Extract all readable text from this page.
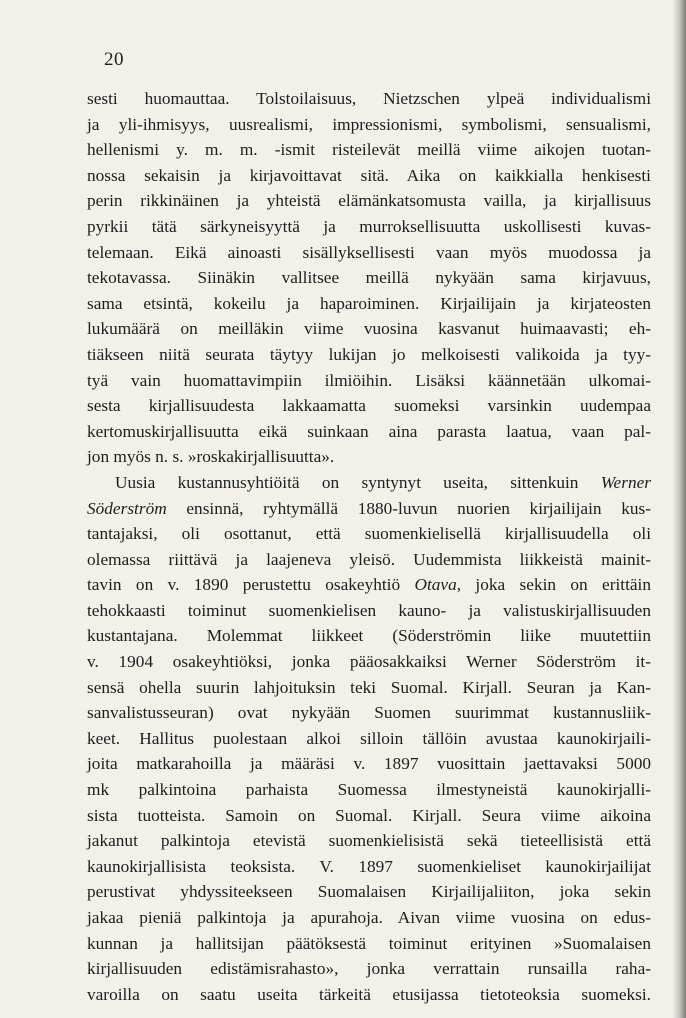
20
sesti huomauttaa. Tolstoilaisuus, Nietzschen ylpeä individualismi
ja yli-ihmisyys, uusrealismi, impressionismi, symbolismi, sensualismi,
hellenismi y. m. m. -ismit risteilevät meillä viime aikojen tuotan-
nossa sekaisin ja kirjavoittavat sitä. Aika on kaikkialla henkisesti
perin rikkinäinen ja yhteistä elämänkatsomusta vailla, ja kirjallisuus
pyrkii tätä särkyneisyyttä ja murroksellisuutta uskollisesti kuvas-
telemaan. Eikä ainoasti sisällyksellisesti vaan myös muodossa ja
tekotavassa. Siinäkin vallitsee meillä nykyään sama kirjavuus,
sama etsintä, kokeilu ja haparoiminen. Kirjailijain ja kirjateosten
lukumäärä on meilläkin viime vuosina kasvanut huimaavasti; eh-
tiäkseen niitä seurata täytyy lukijan jo melkoisesti valikoida ja tyy-
tyä vain huomattavimpiin ilmiöihin. Lisäksi käännetään ulkomai-
sesta kirjallisuudesta lakkaamatta suomeksi varsinkin uudempaa
kertomuskirjallisuutta eikä suinkaan aina parasta laatua, vaan pal-
jon myös n. s. »roskakirjallisuutta».
Uusia kustannusyhtiöitä on syntynyt useita, sittenkuin Werner
Söderström ensinnä, ryhtymällä 1880-luvun nuorien kirjailijain kus-
tantajaksi, oli osottanut, että suomenkielisellä kirjallisuudella oli
olemassa riittävä ja laajeneva yleisö. Uudemmista liikkeistä mainit-
tavin on v. 1890 perustettu osakeyhtiö Otava, joka sekin on erittäin
tehokkaasti toiminut suomenkielisen kauno- ja valistuskirjallisuuden
kustantajana. Molemmat liikkeet (Söderströmin liike muutettiin
v. 1904 osakeyhtiöksi, jonka pääosakkaiksi Werner Söderström it-
sensä ohella suurin lahjoituksin teki Suomal. Kirjall. Seuran ja Kan-
sanvalistusseuran) ovat nykyään Suomen suurimmat kustannusliik-
keet. Hallitus puolestaan alkoi silloin tällöin avustaa kaunokirjaili-
joita matkarahoilla ja määräsi v. 1897 vuosittain jaettavaksi 5000
mk palkintoina parhaista Suomessa ilmestyneistä kaunokirjalli-
sista tuotteista. Samoin on Suomal. Kirjall. Seura viime aikoina
jakanut palkintoja etevistä suomenkielisistä sekä tieteellisistä että
kaunokirjallisista teoksista. V. 1897 suomenkieliset kaunokirjailijat
perustivat yhdyssiteekseen Suomalaisen Kirjailijaliiton, joka sekin
jakaa pieniä palkintoja ja apurahoja. Aivan viime vuosina on edus-
kunnan ja hallitsijan päätöksestä toiminut erityinen »Suomalaisen
kirjallisuuden edistämisrahasto», jonka verrattain runsailla raha-
varoilla on saatu useita tärkeitä etusijassa tietoteoksia suomeksi.
